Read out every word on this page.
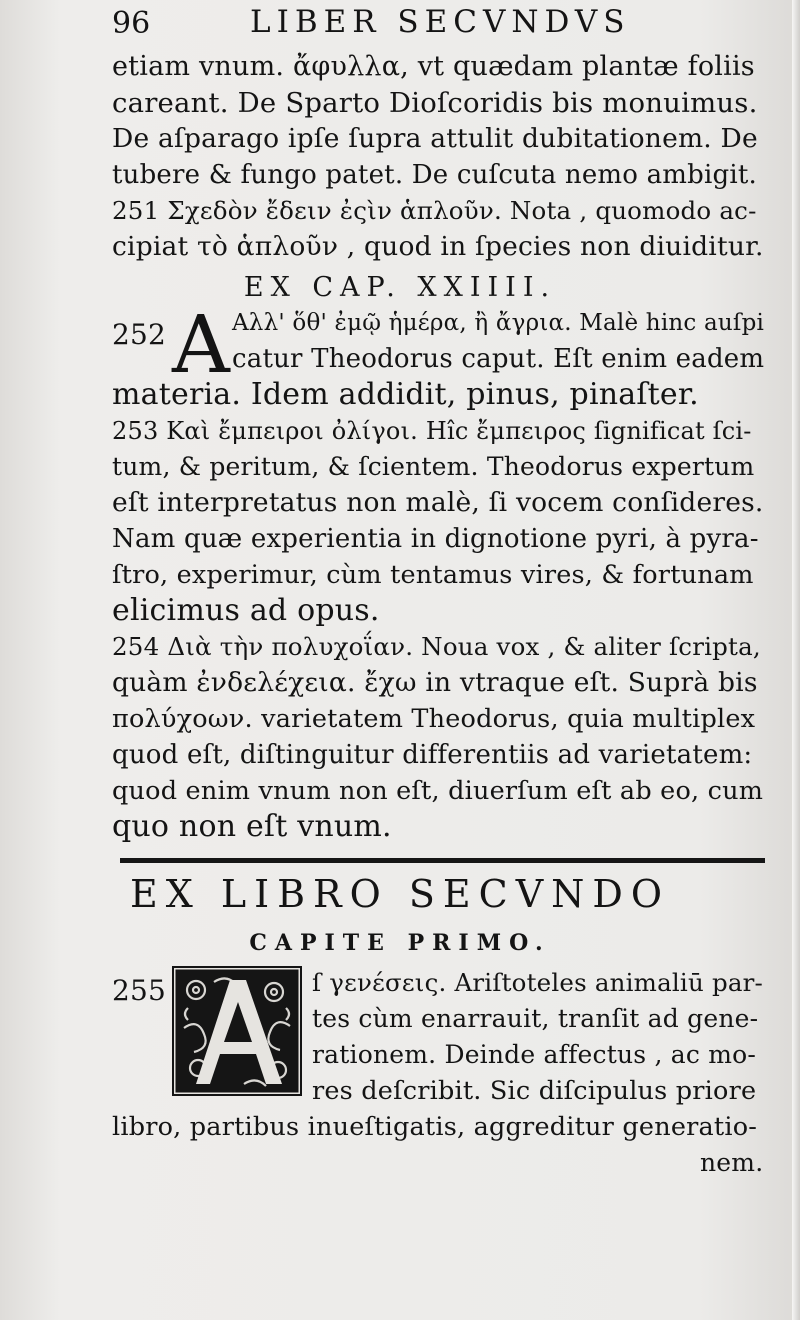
96	LIBER SECVNDVS
etiam vnum. ἄφυλλα, vt quædam plantæ foliis
careant. De Sparto Dioſcoridis bis monuimus.
De aſparago ipſe ſupra attulit dubitationem. De
tubere & fungo patet. De cuſcuta nemo ambigit.
251 Σχεδὸν ἔδειν ἐςὶν ἁπλοῦν. Nota , quomodo ac-
cipiat τὸ ἁπλοῦν , quod in ſpecies non diuiditur.
EX CAP. XXIIII.
252 A Αλλ' ὅθ' ἐμῷ ἡμέρα, ἢ ἄγρια. Malè hinc auſpi
catur Theodorus caput. Eſt enim eadem
materia. Idem addidit, pinus, pinaſter.
253 Καὶ ἔμπειροι ὀλίγοι. Hîc ἔμπειρος ſignificat ſci-
tum, & peritum, & ſcientem. Theodorus expertum
eſt interpretatus non malè, ſi vocem conſideres.
Nam quæ experientia in dignotione pyri, à pyra-
ſtro, experimur, cùm tentamus vires, & fortunam
elicimus ad opus.
254 Διὰ τὴν πολυχοΐαν. Noua vox , & aliter ſcripta,
quàm ἐνδελέχεια. ἔχω in vtraque eſt. Suprà bis
πολύχοων. varietatem Theodorus, quia multiplex
quod eſt, diſtinguitur differentiis ad varietatem:
quod enim vnum non eſt, diuerſum eſt ab eo, cum
quo non eſt vnum.
EX LIBRO SECVNDO
CAPITE PRIMO.
255	ſ γενέσεις. Ariſtoteles animaliū par-
tes cùm enarrauit, tranſit ad gene-
rationem. Deinde affectus , ac mo-
res deſcribit. Sic diſcipulus priore
libro, partibus inueſtigatis, aggreditur generatio-
nem.
